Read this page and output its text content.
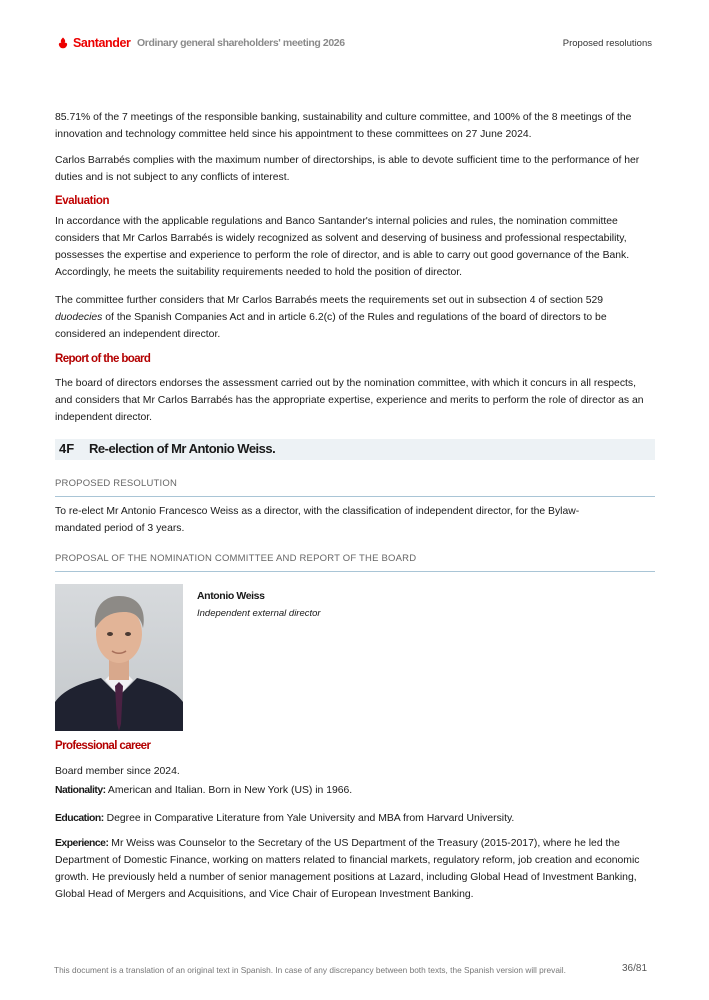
Santander Ordinary general shareholders' meeting 2026	Proposed resolutions

85.71% of the 7 meetings of the responsible banking, sustainability and culture committee, and 100% of the 8 meetings of the innovation and technology committee held since his appointment to these committees on 27 June 2024.

Carlos Barrabés complies with the maximum number of directorships, is able to devote sufficient time to the performance of her duties and is not subject to any conflicts of interest.

Evaluation

In accordance with the applicable regulations and Banco Santander's internal policies and rules, the nomination committee considers that Mr Carlos Barrabés is widely recognized as solvent and deserving of business and professional respectability, possesses the expertise and experience to perform the role of director, and is able to carry out good governance of the Bank. Accordingly, he meets the suitability requirements needed to hold the position of director.

The committee further considers that Mr Carlos Barrabés meets the requirements set out in subsection 4 of section 529 duodecies of the Spanish Companies Act and in article 6.2(c) of the Rules and regulations of the board of directors to be considered an independent director.

Report of the board

The board of directors endorses the assessment carried out by the nomination committee, with which it concurs in all respects, and considers that Mr Carlos Barrabés has the appropriate expertise, experience and merits to perform the role of director as an independent director.

4F Re-election of Mr Antonio Weiss.
PROPOSED RESOLUTION

To re-elect Mr Antonio Francesco Weiss as a director, with the classification of independent director, for the Bylaw-mandated period of 3 years.

PROPOSAL OF THE NOMINATION COMMITTEE AND REPORT OF THE BOARD
Antonio Weiss
Independent external director
Professional career

Board member since 2024.

Nationality: American and Italian. Born in New York (US) in 1966.

Education: Degree in Comparative Literature from Yale University and MBA from Harvard University.

Experience: Mr Weiss was Counselor to the Secretary of the US Department of the Treasury (2015-2017), where he led the Department of Domestic Finance, working on matters related to financial markets, regulatory reform, job creation and economic growth. He previously held a number of senior management positions at Lazard, including Global Head of Investment Banking, Global Head of Mergers and Acquisitions, and Vice Chair of European Investment Banking.

This document is a translation of an original text in Spanish. In case of any discrepancy between both texts, the Spanish version will prevail.	36/81
